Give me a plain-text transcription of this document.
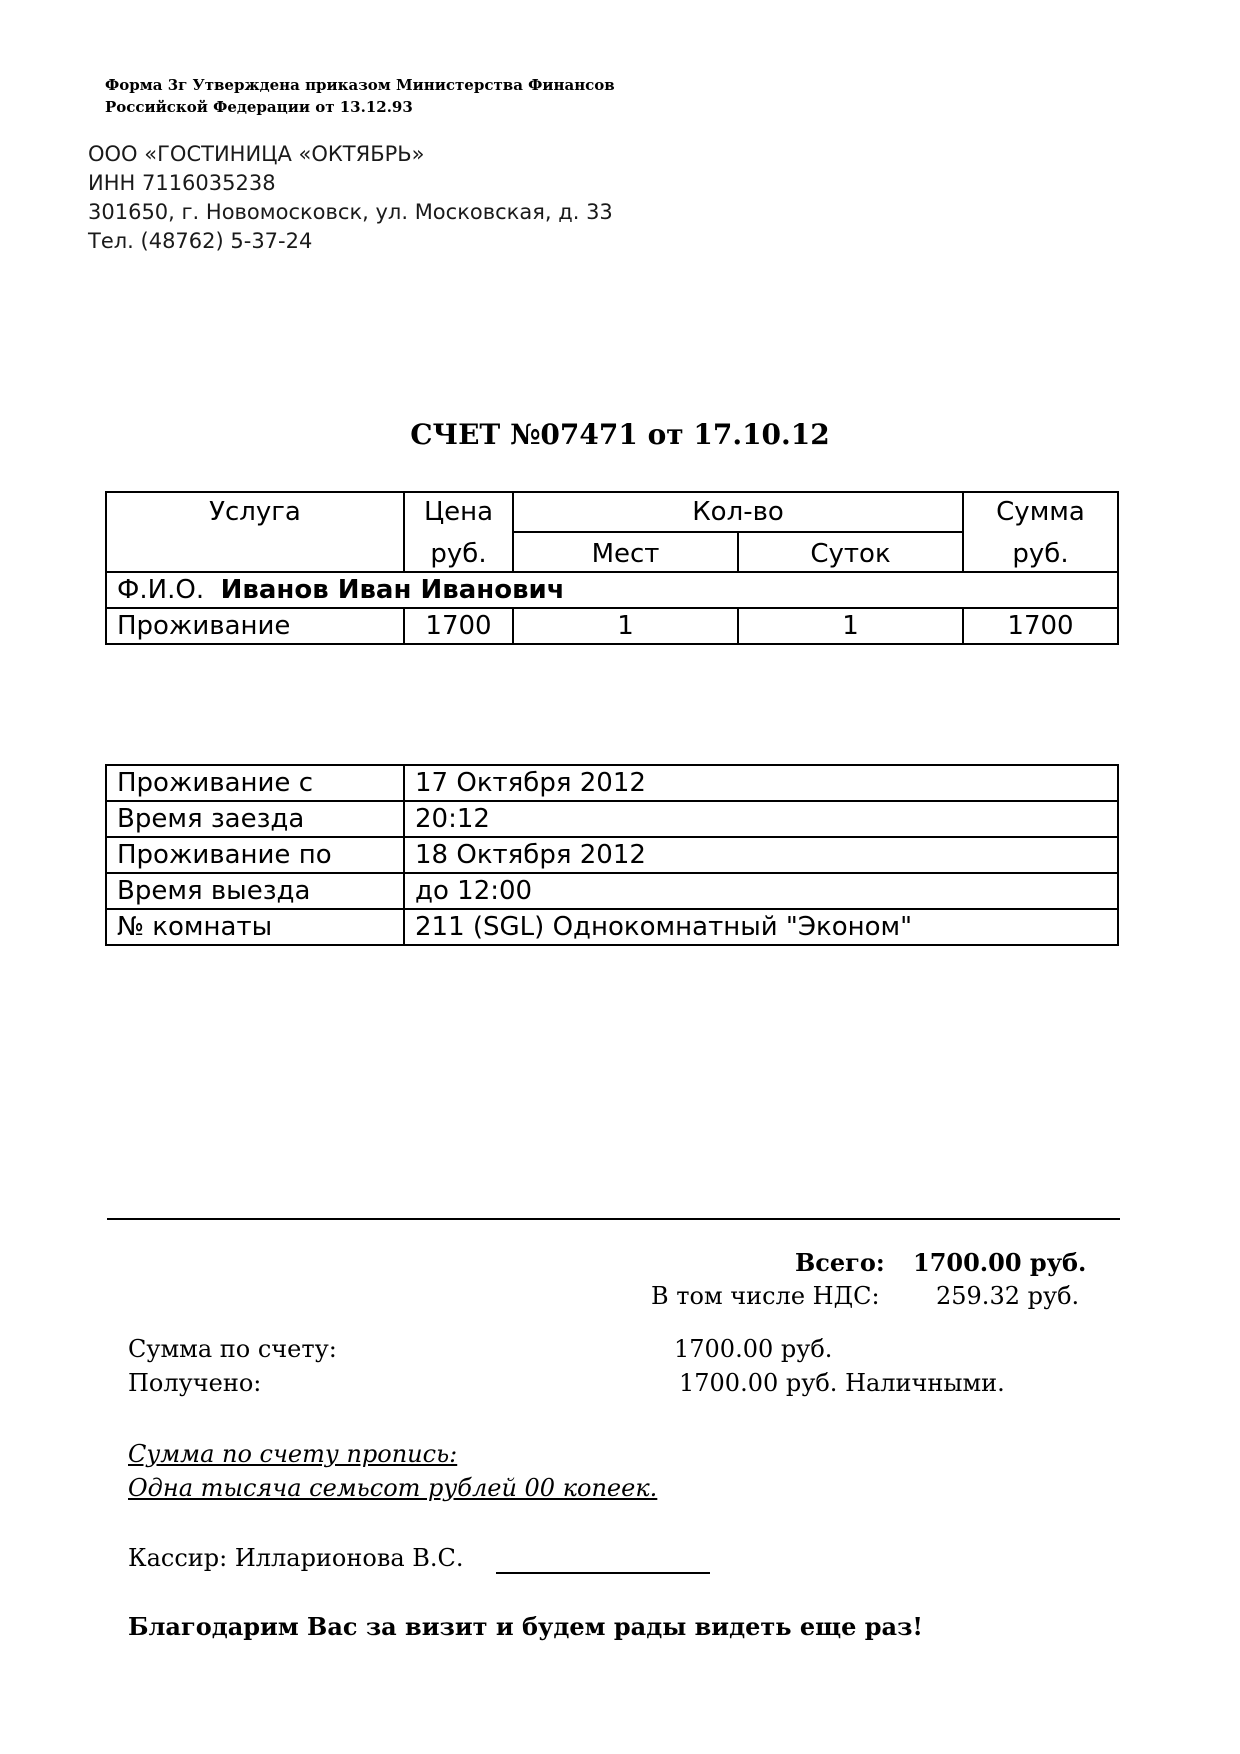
Форма 3г Утверждена приказом Министерства Финансов
Российской Федерации от 13.12.93
ООО «ГОСТИНИЦА «ОКТЯБРЬ»
ИНН 7116035238
301650, г. Новомосковск, ул. Московская, д. 33
Тел. (48762) 5-37-24
СЧЕТ №07471 от 17.10.12
Услуга	Цена	Кол-во		Сумма
	руб.	Мест	Суток	руб.
Ф.И.О. Иванов Иван Иванович				
Проживание	1700	1	1	1700
Проживание с	17 Октября 2012
Время заезда	20:12
Проживание по	18 Октября 2012
Время выезда	до 12:00
№ комнаты	211 (SGL) Однокомнатный "Эконом"
Всего: 1700.00 руб.
В том числе НДС: 259.32 руб.
Сумма по счету:	1700.00 руб.
Получено:	1700.00 руб. Наличными.
Сумма по счету пропись:
Одна тысяча семьсот рублей 00 копеек.
Кассир: Илларионова В.С.
Благодарим Вас за визит и будем рады видеть еще раз!
